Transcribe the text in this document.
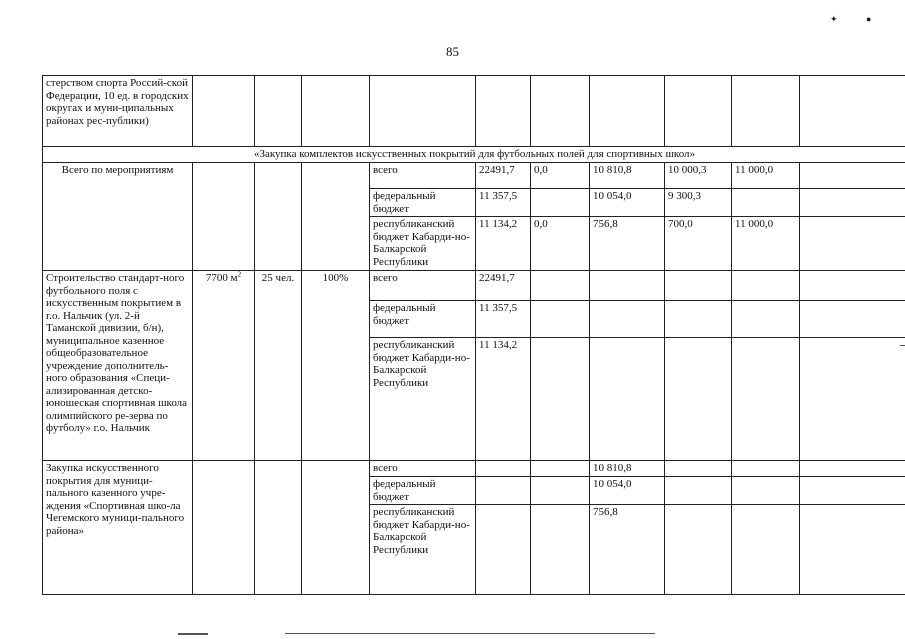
85
✦	●
стерством спорта Россий-ской Федерации, 10 ед. в городских округах и муни-ципальных районах рес-публики)										
«Закупка комплектов искусственных покрытий для футбольных полей для спортивных школ»										
Всего по мероприятиям				всего	22491,7	0,0	10 810,8	10 000,3	11 000,0	
				федеральный бюджет	11 357,5		10 054,0	9 300,3		
				республиканский бюджет Кабарди-но-Балкарской Республики	11 134,2	0,0	756,8	700,0	11 000,0	
Строительство стандарт-ного футбольного поля с искусственным покрытием в г.о. Нальчик (ул. 2-й Таманской дивизии, б/н), муниципальное казенное общеобразовательное учреждение дополнитель-ного образования «Специ-ализированная детско-юношеская спортивная школа олимпийского ре-зерва по футболу» г.о. Нальчик	7700 $м^2$	25 чел.	100%	всего	22491,7					
				федеральный бюджет	11 357,5					
				республиканский бюджет Кабарди-но-Балкарской Республики	11 134,2					
Закупка искусственного покрытия для муници-пального казенного учре-ждения «Спортивная шко-ла Чегемского муници-пального района»				всего			10 810,8			
				федеральный бюджет			10 054,0			
				республиканский бюджет Кабарди-но-Балкарской Республики			756,8			
